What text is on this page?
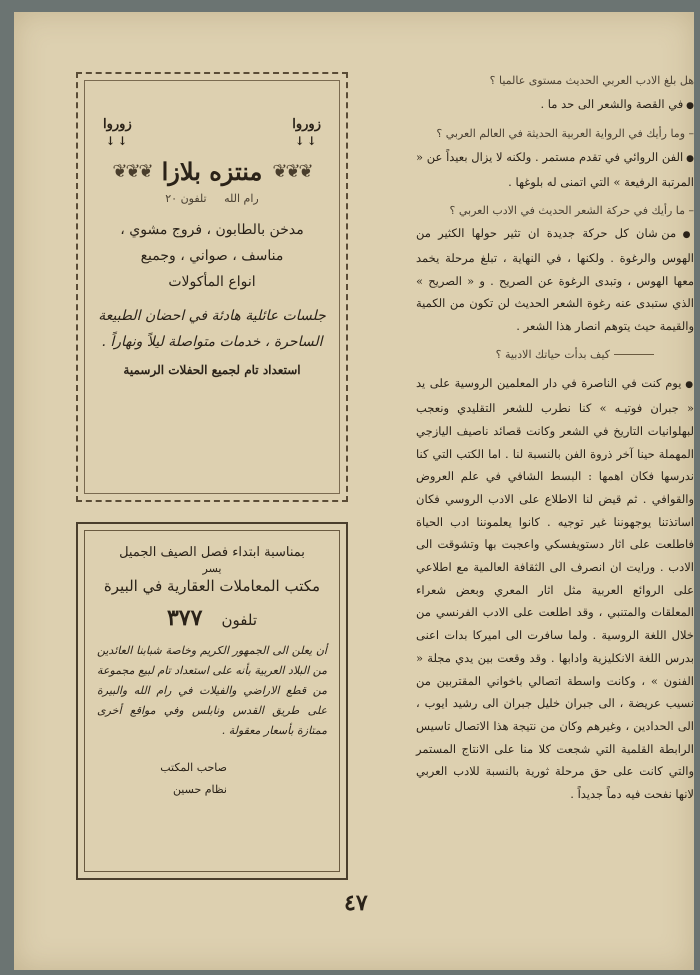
هل بلغ الادب العربي الحديث مستوى عالميا ؟

● في القصة والشعر الى حد ما .

– وما رأيك في الرواية العربية الحديثة في العالم العربي ؟

● الفن الروائي في تقدم مستمر . ولكنه لا يزال بعيداً عن « المرتبة الرفيعة » التي اتمنى له بلوغها .

– ما رأيك في حركة الشعر الحديث في الادب العربي ؟

● من شان كل حركة جديدة ان تثير حولها الكثير من الهوس والرغوة . ولكنها ، في النهاية ، تبلغ مرحلة يخمد معها الهوس ، وتبدى الرغوة عن الصريح . و « الصريح » الذي ستبدى عنه رغوة الشعر الحديث لن تكون من الكمية والقيمة حيث يتوهم انصار هذا الشعر .

كيف بدأت حياتك الادبية ؟

● يوم كنت في الناصرة في دار المعلمين الروسية على يد « جبران فوتيـه » كنا نطرب للشعر التقليدي ونعجب لبهلوانيات التاريخ في الشعر وكانت قصائد ناصيف اليازجي المهملة حينا آخر ذروة الفن بالنسبة لنا . اما الكتب التي كنا ندرسها فكان اهمها : البسط الشافي في علم العروض والقوافي . ثم قيض لنا الاطلاع على الادب الروسي فكان اساتذتنا يوجهوننا غير توجيه . كانوا يعلموننا ادب الحياة فاطلعت على اثار دستويفسكي واعجبت بها وتشوقت الى الادب . ورايت ان انصرف الى الثقافة العالمية مع اطلاعي على الروائع العربية مثل اثار المعري وبعض شعراء المعلقات والمتنبي ، وقد اطلعت على الادب الفرنسي من خلال اللغة الروسية . ولما سافرت الى اميركا بدات اعنى بدرس اللغة الانكليزية وادابها . وقد وقعت بين يدي مجلة « الفنون » ، وكانت واسطة اتصالي باخواني المقتربين من نسيب عريضة ، الى جبران خليل جبران الى رشيد ايوب ، الى الحدادين ، وغيرهم وكان من نتيجة هذا الاتصال تاسيس الرابطة القلمية التي شجعت كلا منا على الانتاج المستمر والتي كانت على حق مرحلة ثورية بالنسبة للادب العربي لانها نفحت فيه دماً جديداً .

زوروا
↓↓
زوروا
↓↓
❦❦❦
منتزه بلازا
❦❦❦
رام الله     تلفون ٢٠
مدخن بالطابون ، فروج مشوي ،
مناسف ، صواني ، وجميع
انواع المأكولات
جلسات عائلية هادئة في احضان الطبيعة
الساحرة ، خدمات متواصلة ليلاً ونهاراً .
استعداد تام لجميع الحفلات الرسمية
بمناسبة ابتداء فصل الصيف الجميل
يسر
مكتب المعاملات العقارية في البيرة
تلفون    ٣٧٧
أن يعلن الى الجمهور الكريم وخاصة شبابنا العائدين من البلاد العربية بأنه على استعداد تام لبيع مجموعة من قطع الاراضي والفيلات في رام الله والبيرة على طريق القدس ونابلس وفي مواقع أخرى ممتازة بأسعار معقولة .
صاحب المكتب
نظام حسين
٤٧
